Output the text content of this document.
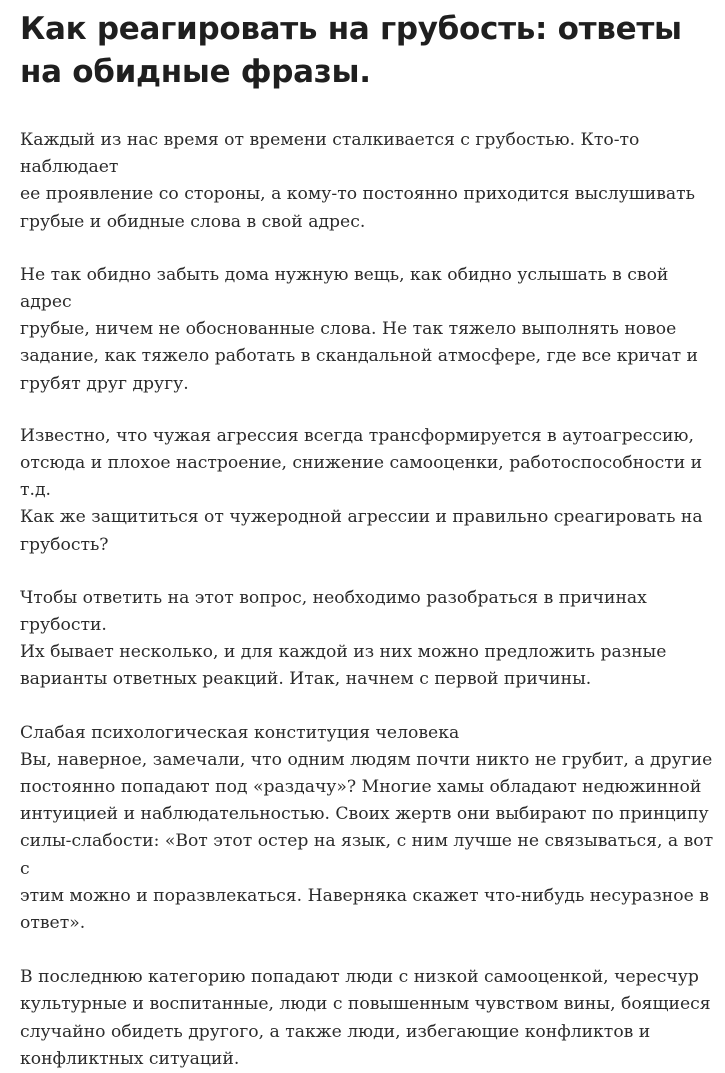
Как реагировать на грубость: ответы на обидные фразы.

Каждый из нас время от времени сталкивается с грубостью. Кто-то наблюдает
ее проявление со стороны, а кому-то постоянно приходится выслушивать
грубые и обидные слова в свой адрес.

Не так обидно забыть дома нужную вещь, как обидно услышать в свой адрес
грубые, ничем не обоснованные слова. Не так тяжело выполнять новое
задание, как тяжело работать в скандальной атмосфере, где все кричат и
грубят друг другу.

Известно, что чужая агрессия всегда трансформируется в аутоагрессию,
отсюда и плохое настроение, снижение самооценки, работоспособности и т.д.
Как же защититься от чужеродной агрессии и правильно среагировать на
грубость?

Чтобы ответить на этот вопрос, необходимо разобраться в причинах грубости.
Их бывает несколько, и для каждой из них можно предложить разные
варианты ответных реакций. Итак, начнем с первой причины.

Слабая психологическая конституция человека
Вы, наверное, замечали, что одним людям почти никто не грубит, а другие
постоянно попадают под «раздачу»? Многие хамы обладают недюжинной
интуицией и наблюдательностью. Своих жертв они выбирают по принципу
силы-слабости: «Вот этот остер на язык, с ним лучше не связываться, а вот с
этим можно и поразвлекаться. Наверняка скажет что-нибудь несуразное в
ответ».

В последнюю категорию попадают люди с низкой самооценкой, чересчур
культурные и воспитанные, люди с повышенным чувством вины, боящиеся
случайно обидеть другого, а также люди, избегающие конфликтов и
конфликтных ситуаций.
